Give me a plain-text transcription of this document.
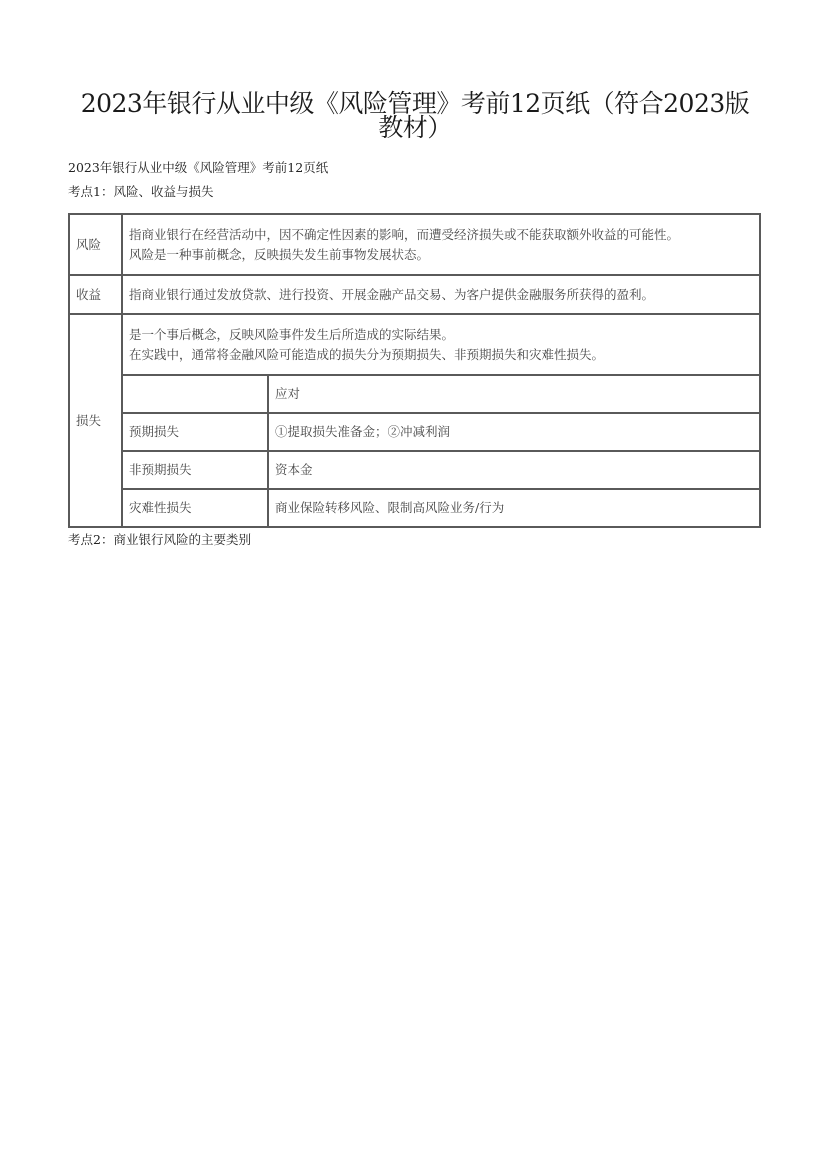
2023年银行从业中级《风险管理》考前12页纸（符合2023版
教材）
2023年银行从业中级《风险管理》考前12页纸
考点1：风险、收益与损失
风险	指商业银行在经营活动中，因不确定性因素的影响，而遭受经济损失或不能获取额外收益的可能性。
风险是一种事前概念，反映损失发生前事物发展状态。	

收益	指商业银行通过发放贷款、进行投资、开展金融产品交易、为客户提供金融服务所获得的盈利。	

损失	是一个事后概念，反映风险事件发生后所造成的实际结果。
在实践中，通常将金融风险可能造成的损失分为预期损失、非预期损失和灾难性损失。	

		应对
	预期损失	①提取损失准备金；②冲减利润
	非预期损失	资本金
	灾难性损失	商业保险转移风险、限制高风险业务/行为
考点2：商业银行风险的主要类别
